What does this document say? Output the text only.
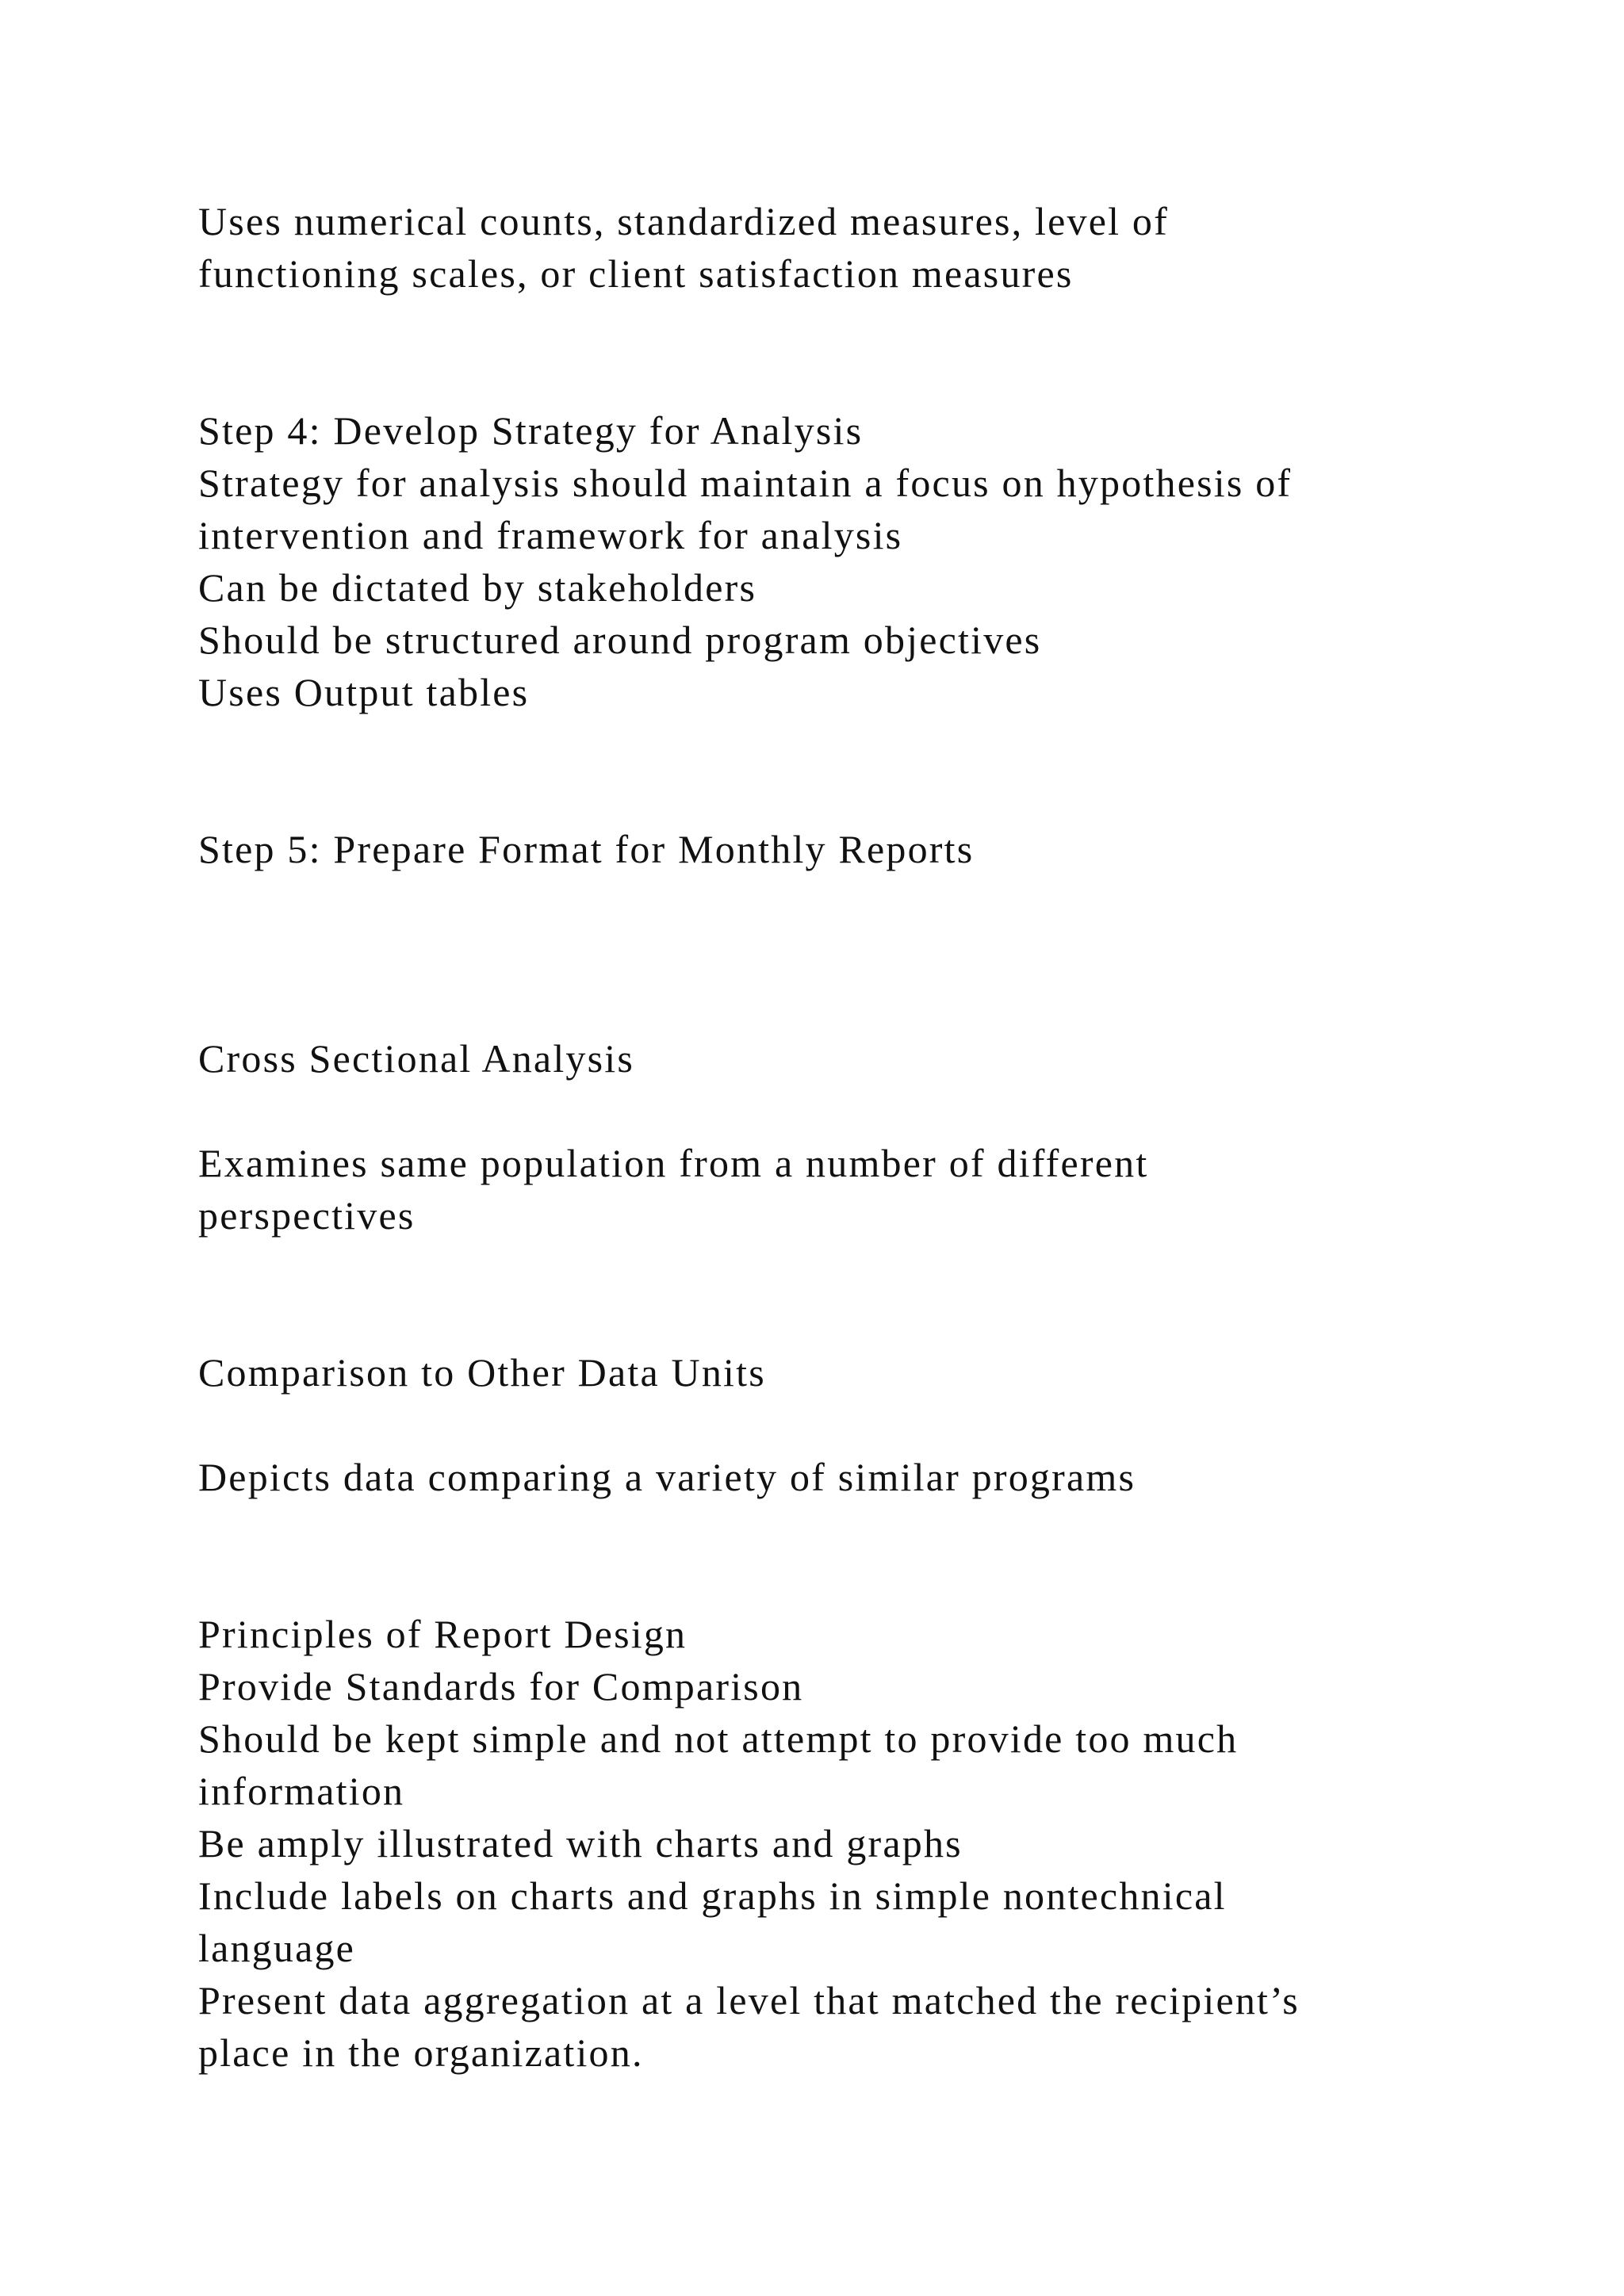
Uses numerical counts, standardized measures, level of
functioning scales, or client satisfaction measures
Step 4: Develop Strategy for Analysis
Strategy for analysis should maintain a focus on hypothesis of
intervention and framework for analysis
Can be dictated by stakeholders
Should be structured around program objectives
Uses Output tables
Step 5: Prepare Format for Monthly Reports
Cross Sectional Analysis
Examines same population from a number of different
perspectives
Comparison to Other Data Units
Depicts data comparing a variety of similar programs
Principles of Report Design
Provide Standards for Comparison
Should be kept simple and not attempt to provide too much
information
Be amply illustrated with charts and graphs
Include labels on charts and graphs in simple nontechnical
language
Present data aggregation at a level that matched the recipient’s
place in the organization.
